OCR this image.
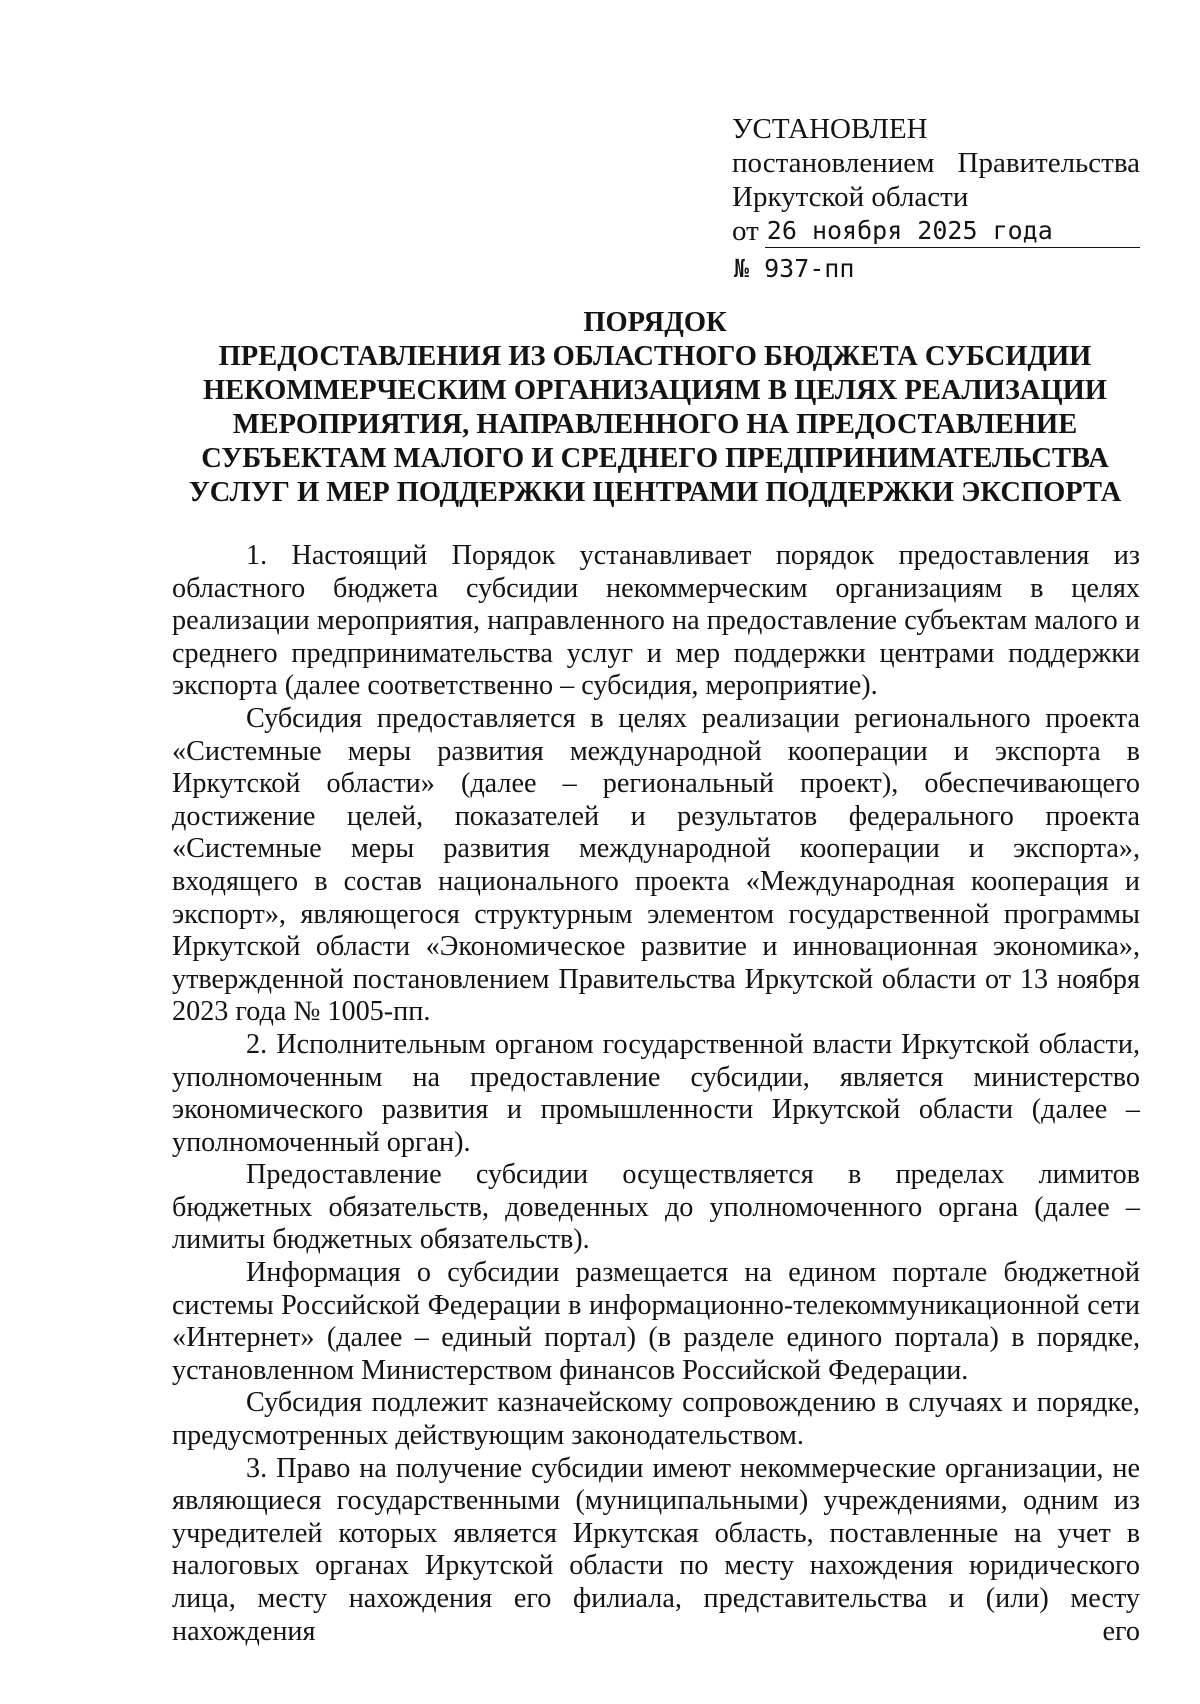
УСТАНОВЛЕН
постановлением Правительства
Иркутской области
от 26 ноября 2025 года
№ 937-пп
ПОРЯДОК
ПРЕДОСТАВЛЕНИЯ ИЗ ОБЛАСТНОГО БЮДЖЕТА СУБСИДИИ
НЕКОММЕРЧЕСКИМ ОРГАНИЗАЦИЯМ В ЦЕЛЯХ РЕАЛИЗАЦИИ
МЕРОПРИЯТИЯ, НАПРАВЛЕННОГО НА ПРЕДОСТАВЛЕНИЕ
СУБЪЕКТАМ МАЛОГО И СРЕДНЕГО ПРЕДПРИНИМАТЕЛЬСТВА
УСЛУГ И МЕР ПОДДЕРЖКИ ЦЕНТРАМИ ПОДДЕРЖКИ ЭКСПОРТА

1. Настоящий Порядок устанавливает порядок предоставления из областного бюджета субсидии некоммерческим организациям в целях реализации мероприятия, направленного на предоставление субъектам малого и среднего предпринимательства услуг и мер поддержки центрами поддержки экспорта (далее соответственно – субсидия, мероприятие).

Субсидия предоставляется в целях реализации регионального проекта «Системные меры развития международной кооперации и экспорта в Иркутской области» (далее – региональный проект), обеспечивающего достижение целей, показателей и результатов федерального проекта «Системные меры развития международной кооперации и экспорта», входящего в состав национального проекта «Международная кооперация и экспорт», являющегося структурным элементом государственной программы Иркутской области «Экономическое развитие и инновационная экономика», утвержденной постановлением Правительства Иркутской области от 13 ноября 2023 года № 1005-пп.

2. Исполнительным органом государственной власти Иркутской области, уполномоченным на предоставление субсидии, является министерство экономического развития и промышленности Иркутской области (далее – уполномоченный орган).

Предоставление субсидии осуществляется в пределах лимитов бюджетных обязательств, доведенных до уполномоченного органа (далее – лимиты бюджетных обязательств).

Информация о субсидии размещается на едином портале бюджетной системы Российской Федерации в информационно-телекоммуникационной сети «Интернет» (далее – единый портал) (в разделе единого портала) в порядке, установленном Министерством финансов Российской Федерации.

Субсидия подлежит казначейскому сопровождению в случаях и порядке, предусмотренных действующим законодательством.

3. Право на получение субсидии имеют некоммерческие организации, не являющиеся государственными (муниципальными) учреждениями, одним из учредителей которых является Иркутская область, поставленные на учет в налоговых органах Иркутской области по месту нахождения юридического лица, месту нахождения его филиала, представительства и (или) месту нахождения его
